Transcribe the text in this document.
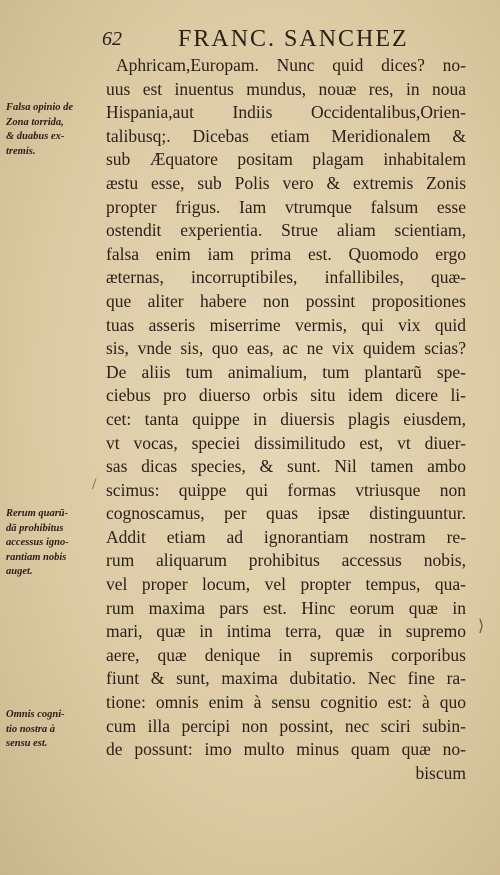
62 FRANC. SANCHEZ
Falsa opinio de
Zona torrida,
& duabus ex-
tremis.
Rerum quarū-
dā prohibitus
accessus igno-
rantiam nobis
auget.
Omnis cogni-
tio nostra à
sensu est.
Aphricam,Europam. Nunc quid dices? no-
uus est inuentus mundus, nouæ res, in noua
Hispania,aut Indiis Occidentalibus,Orien-
talibusq;. Dicebas etiam Meridionalem &
sub Æquatore positam plagam inhabitalem
æstu esse, sub Polis vero & extremis Zonis
propter frigus. Iam vtrumque falsum esse
ostendit experientia. Strue aliam scientiam,
falsa enim iam prima est. Quomodo ergo
æternas, incorruptibiles, infallibiles, quæ-
que aliter habere non possint propositiones
tuas asseris miserrime vermis, qui vix quid
sis, vnde sis, quo eas, ac ne vix quidem scias?
De aliis tum animalium, tum plantarũ spe-
ciebus pro diuerso orbis situ idem dicere li-
cet: tanta quippe in diuersis plagis eiusdem,
vt vocas, speciei dissimilitudo est, vt diuer-
sas dicas species, & sunt. Nil tamen ambo
scimus: quippe qui formas vtriusque non
cognoscamus, per quas ipsæ distinguuntur.
Addit etiam ad ignorantiam nostram re-
rum aliquarum prohibitus accessus nobis,
vel proper locum, vel propter tempus, qua-
rum maxima pars est. Hinc eorum quæ in
mari, quæ in intima terra, quæ in supremo
aere, quæ denique in supremis corporibus
fiunt & sunt, maxima dubitatio. Nec fine ra-
tione: omnis enim à sensu cognitio est: à quo
cum illa percipi non possint, nec sciri subin-
de possunt: imo multo minus quam quæ no-
biscum
/
⟩
